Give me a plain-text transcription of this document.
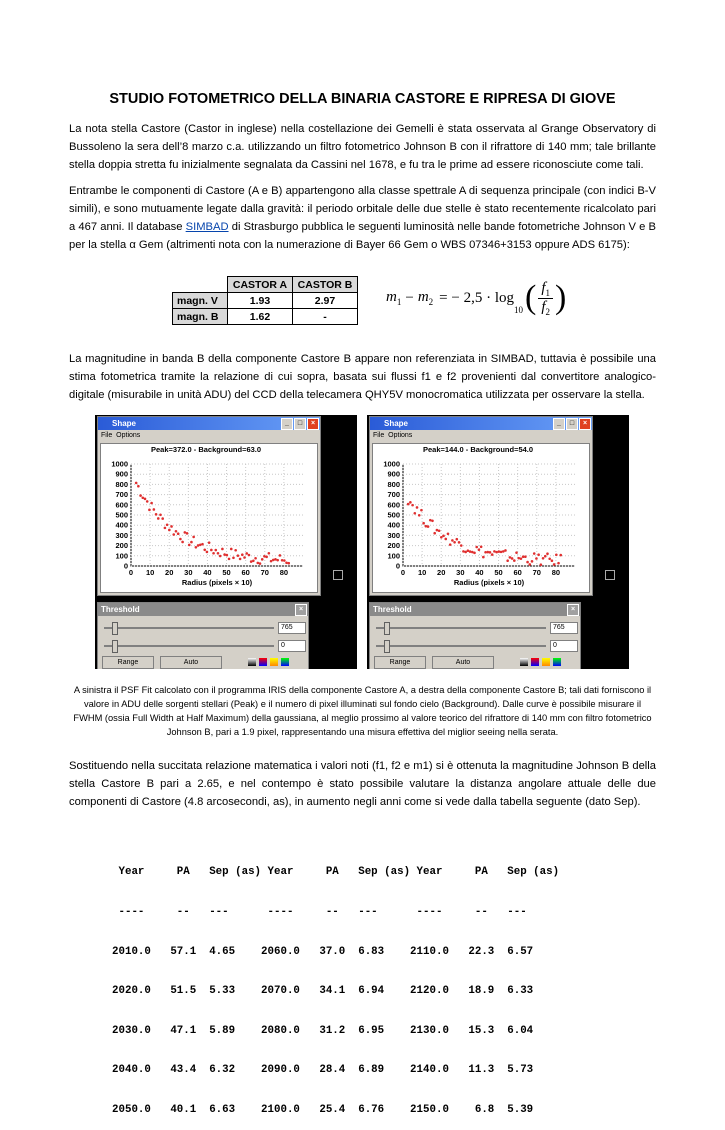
STUDIO FOTOMETRICO DELLA BINARIA CASTORE E RIPRESA DI GIOVE
La nota stella Castore (Castor in inglese) nella costellazione dei Gemelli è stata osservata al Grange Observatory di Bussoleno la sera dell’8 marzo c.a. utilizzando un filtro fotometrico Johnson B con il rifrattore di 140 mm; tale brillante stella doppia stretta fu inizialmente segnalata da Cassini nel 1678, e fu tra le prime ad essere riconosciute come tali.
Entrambe le componenti di Castore (A e B) appartengono alla classe spettrale A di sequenza principale (con indici B-V simili), e sono mutuamente legate dalla gravità: il periodo orbitale delle due stelle è stato recentemente ricalcolato pari a 467 anni. Il database SIMBAD di Strasburgo pubblica le seguenti luminosità nelle bande fotometriche Johnson V e B per la stella α Gem (altrimenti nota con la numerazione di Bayer 66 Gem o WBS 07346+3153 oppure ADS 6175):
	CASTOR A	CASTOR B
magn. V	1.93	2.97
magn. B	1.62	-
$m_1 - m_2$ = − 2,5 · log
$_{10}$ ( $f_1$
$f_2$ )
La magnitudine in banda B della componente Castore B appare non referenziata in SIMBAD, tuttavia è possibile una stima fotometrica tramite la relazione di cui sopra, basata sui flussi f1 e f2 provenienti dal convertitore analogico-digitale (misurabile in unità ADU) del CCD della telecamera QHY5V monocromatica utilizzata per osservare la stella.
Shape	_	□	×
File Options
Peak=372.0 - Background=63.0
1000
900
800
700
600
500
400
300
200
100
0
0 10 20 30 40 50 60 70 80
Radius (pixels × 10)
Threshold	×
765
0
Range	Auto
Shape	_	□	×
File Options
Peak=144.0 - Background=54.0
1000
900
800
700
600
500
400
300
200
100
0
0 10 20 30 40 50 60 70 80
Radius (pixels × 10)
Threshold	×
765
0
Range	Auto
A sinistra il PSF Fit calcolato con il programma IRIS della componente Castore A, a destra della componente Castore B; tali dati forniscono il valore in ADU delle sorgenti stellari (Peak) e il numero di pixel illuminati sul fondo cielo (Background). Dalle curve è possibile misurare il FWHM (ossia Full Width at Half Maximum) della gaussiana, al meglio prossimo al valore teorico del rifrattore di 140 mm con filtro fotometrico Johnson B, pari a 1.9 pixel, rappresentando una misura effettiva del miglior seeing nella serata.
Sostituendo nella succitata relazione matematica i valori noti (f1, f2 e m1) si è ottenuta la magnitudine Johnson B della stella Castore B pari a 2.65, e nel contempo è stato possibile valutare la distanza angolare attuale delle due componenti di Castore (4.8 arcosecondi, as), in aumento negli anni come si vede dalla tabella seguente (dato Sep).

Year     PA   Sep (as) Year     PA   Sep (as) Year     PA   Sep (as)

----     --   ---      ----     --   ---      ----     --   ---

2010.0   57.1  4.65    2060.0   37.0  6.83    2110.0   22.3  6.57

2020.0   51.5  5.33    2070.0   34.1  6.94    2120.0   18.9  6.33

2030.0   47.1  5.89    2080.0   31.2  6.95    2130.0   15.3  6.04

2040.0   43.4  6.32    2090.0   28.4  6.89    2140.0   11.3  5.73

2050.0   40.1  6.63    2100.0   25.4  6.76    2150.0    6.8  5.39
